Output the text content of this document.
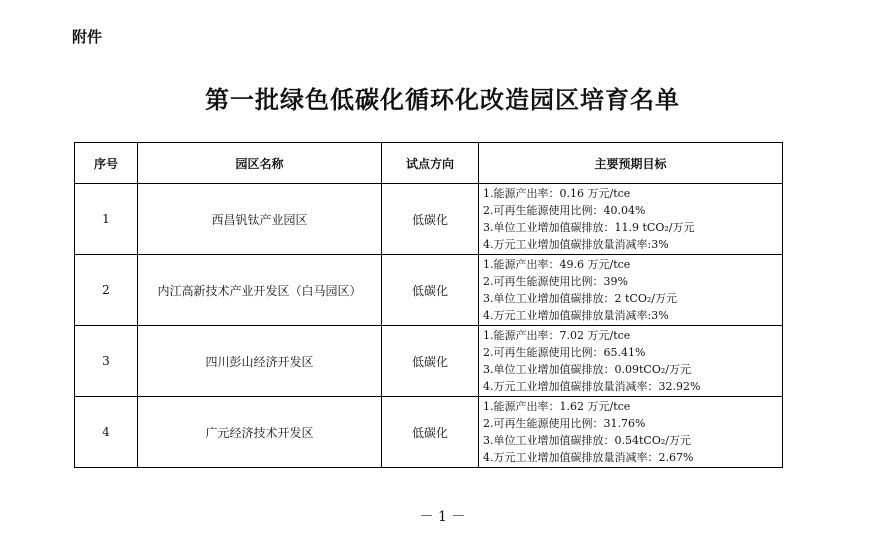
附件
第一批绿色低碳化循环化改造园区培育名单
序号	园区名称	试点方向	主要预期目标
1	西昌钒钛产业园区	低碳化	1.能源产出率：0.16 万元/tce
2.可再生能源使用比例：40.04%
3.单位工业增加值碳排放：11.9 tCO₂/万元
4.万元工业增加值碳排放量消减率:3%

2	内江高新技术产业开发区（白马园区）	低碳化	1.能源产出率：49.6 万元/tce
2.可再生能源使用比例：39%
3.单位工业增加值碳排放：2 tCO₂/万元
4.万元工业增加值碳排放量消减率:3%

3	四川彭山经济开发区	低碳化	1.能源产出率：7.02 万元/tce
2.可再生能源使用比例：65.41%
3.单位工业增加值碳排放：0.09tCO₂/万元
4.万元工业增加值碳排放量消减率：32.92%

4	广元经济技术开发区	低碳化	1.能源产出率：1.62 万元/tce
2.可再生能源使用比例：31.76%
3.单位工业增加值碳排放：0.54tCO₂/万元
4.万元工业增加值碳排放量消减率：2.67%
－ 1 －
